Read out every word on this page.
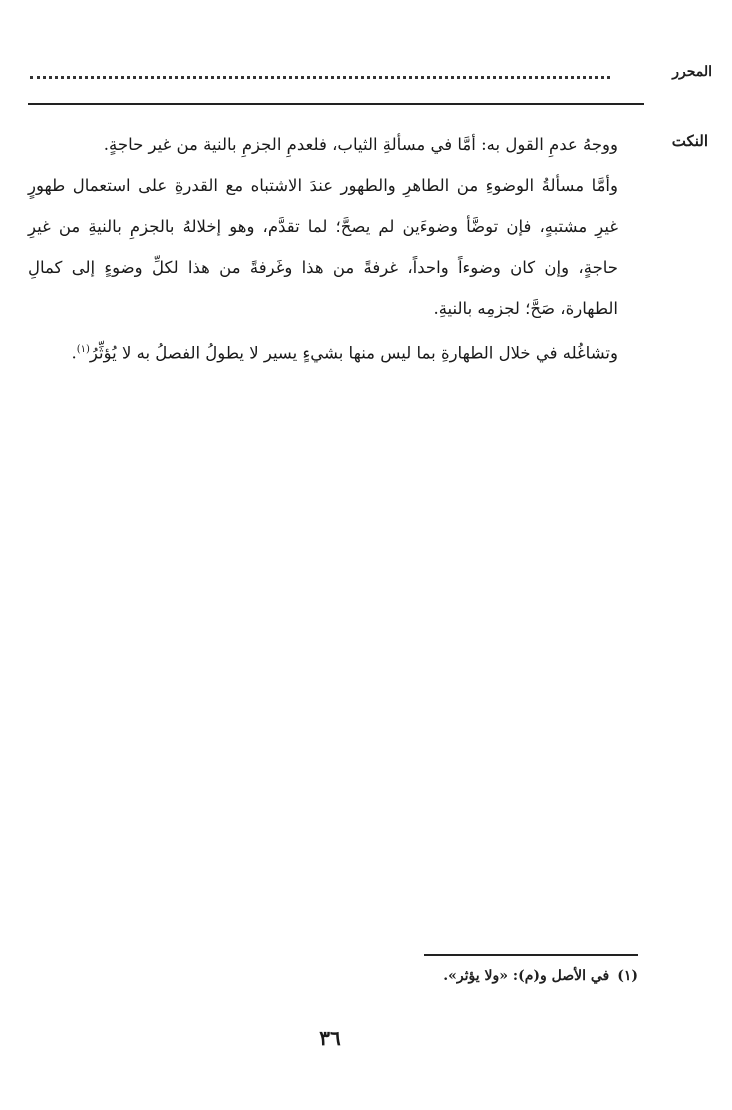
المحرر
النكت

ووجهُ عدمِ القول به: أمَّا في مسألةِ الثياب، فلعدمِ الجزمِ بالنية من غير حاجةٍ.

وأمَّا مسألةُ الوضوءِ من الطاهرِ والطهور عندَ الاشتباه مع القدرةِ على استعمال طهورٍ غيرِ مشتبهٍ، فإن توضَّأ وضوءَين لم يصحَّ؛ لما تقدَّم، وهو إخلالهُ بالجزمِ بالنيةِ من غيرِ حاجةٍ، وإن كان وضوءاً واحداً، غرفةً من هذا وغَرفةً من هذا لكلِّ وضوءٍ إلى كمالِ الطهارة، صَحَّ؛ لجزمِه بالنيةِ.

وتشاغُله في خلال الطهارةِ بما ليس منها بشيءٍ يسير لا يطولُ الفصلُ به لا يُؤثِّرُ$^{(١)}$.

(١)في الأصل و(م): «ولا يؤثر».
٣٦
